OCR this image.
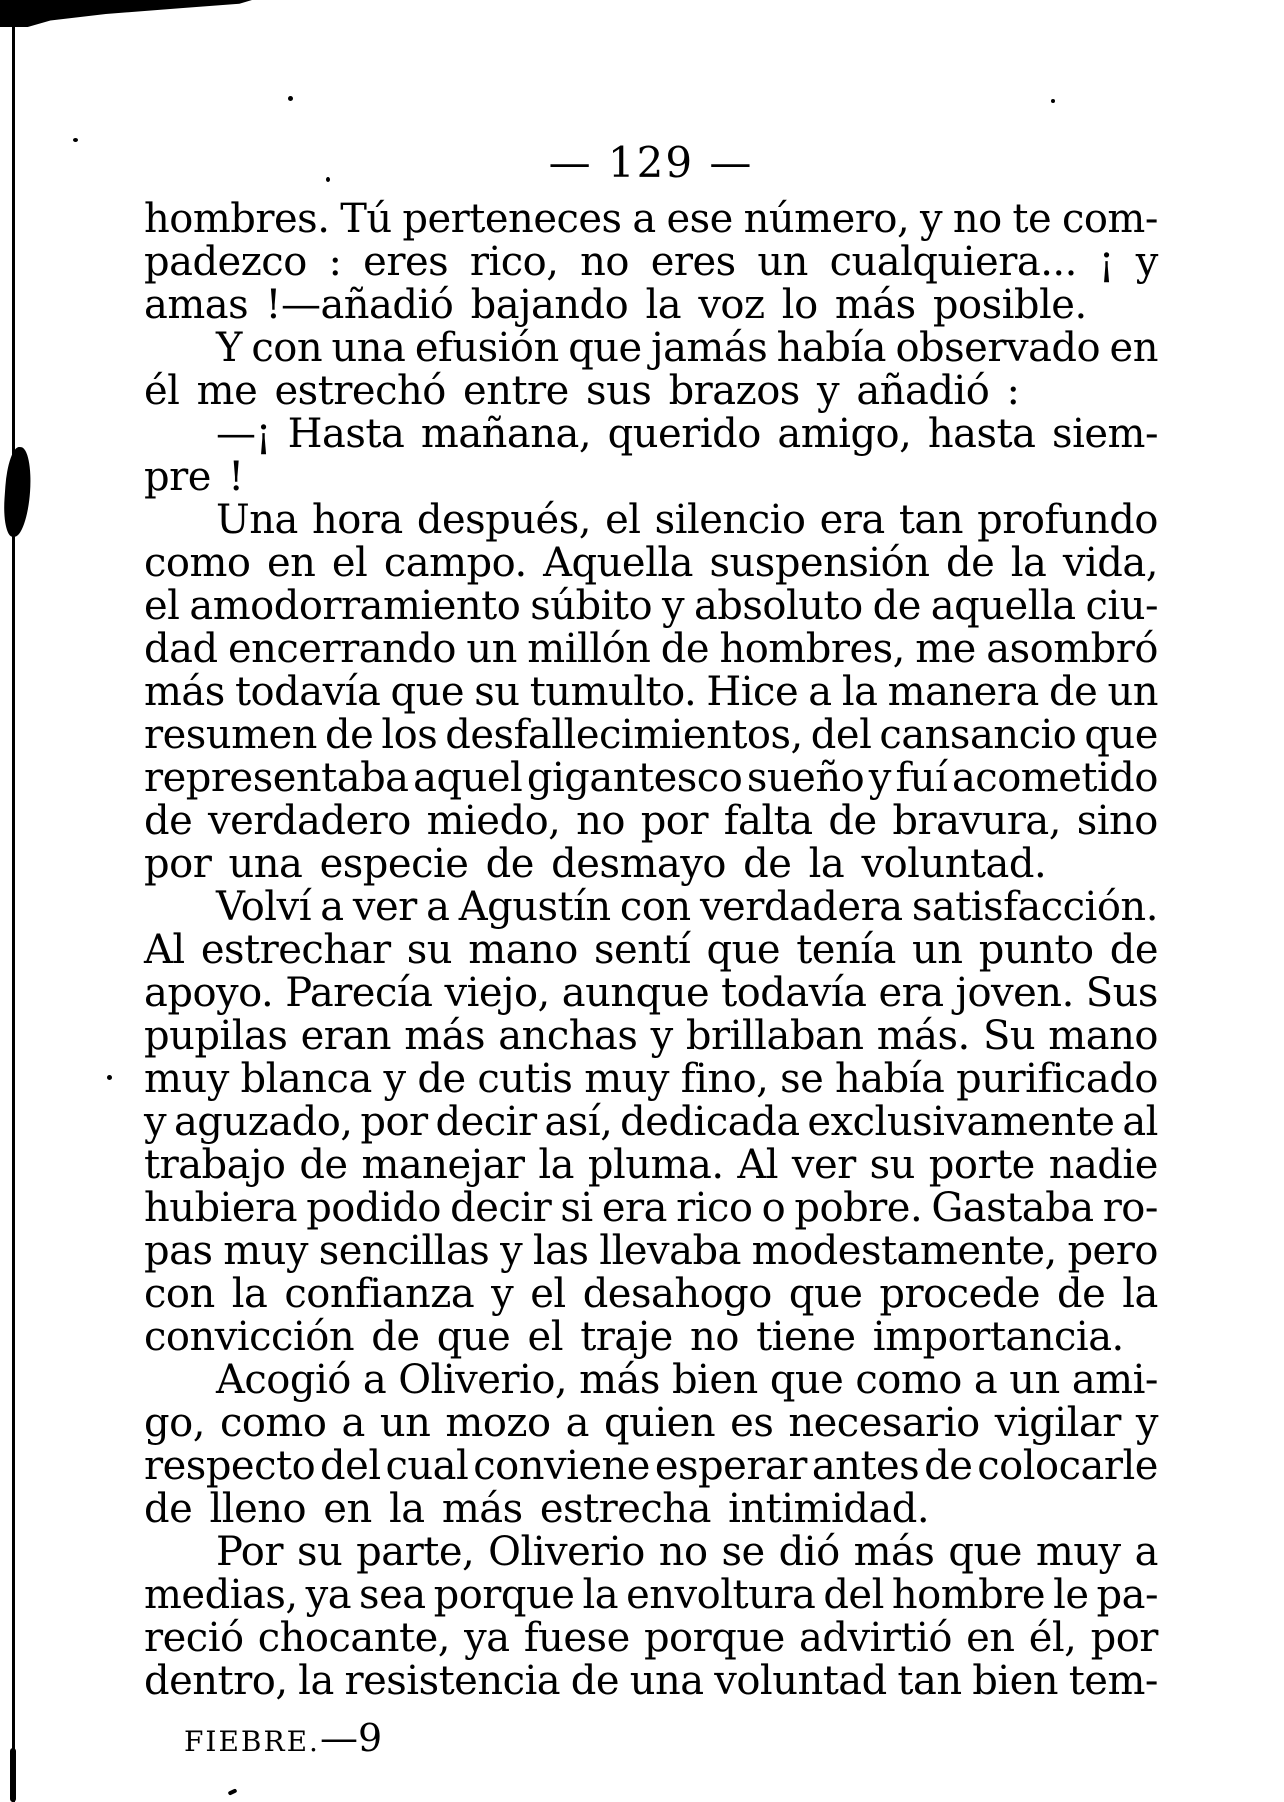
— 129 —
hombres. Tú perteneces a ese número, y no te com-
padezco : eres rico, no eres un cualquiera... ¡ y
amas !—añadió bajando la voz lo más posible.
Y con una efusión que jamás había observado en
él me estrechó entre sus brazos y añadió :
—¡ Hasta mañana, querido amigo, hasta siem-
pre !
Una hora después, el silencio era tan profundo
como en el campo. Aquella suspensión de la vida,
el amodorramiento súbito y absoluto de aquella ciu-
dad encerrando un millón de hombres, me asombró
más todavía que su tumulto. Hice a la manera de un
resumen de los desfallecimientos, del cansancio que
representaba aquel gigantesco sueño y fuí acometido
de verdadero miedo, no por falta de bravura, sino
por una especie de desmayo de la voluntad.
Volví a ver a Agustín con verdadera satisfacción.
Al estrechar su mano sentí que tenía un punto de
apoyo. Parecía viejo, aunque todavía era joven. Sus
pupilas eran más anchas y brillaban más. Su mano
muy blanca y de cutis muy fino, se había purificado
y aguzado, por decir así, dedicada exclusivamente al
trabajo de manejar la pluma. Al ver su porte nadie
hubiera podido decir si era rico o pobre. Gastaba ro-
pas muy sencillas y las llevaba modestamente, pero
con la confianza y el desahogo que procede de la
convicción de que el traje no tiene importancia.
Acogió a Oliverio, más bien que como a un ami-
go, como a un mozo a quien es necesario vigilar y
respecto del cual conviene esperar antes de colocarle
de lleno en la más estrecha intimidad.
Por su parte, Oliverio no se dió más que muy a
medias, ya sea porque la envoltura del hombre le pa-
reció chocante, ya fuese porque advirtió en él, por
dentro, la resistencia de una voluntad tan bien tem-
FIEBRE.—9
